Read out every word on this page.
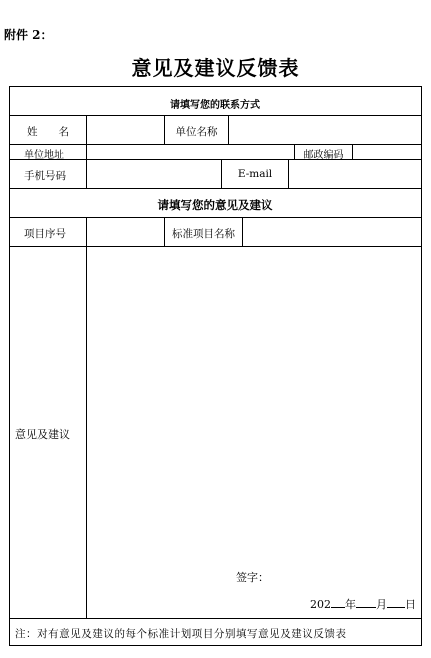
附件 2：
意见及建议反馈表
请填写您的联系方式
姓　　名	单位名称
单位地址	邮政编码
手机号码	E-mail
请填写您的意见及建议
项目序号	标准项目名称
意见及建议
签字：
202 年 月 日
注：对有意见及建议的每个标准计划项目分别填写意见及建议反馈表
